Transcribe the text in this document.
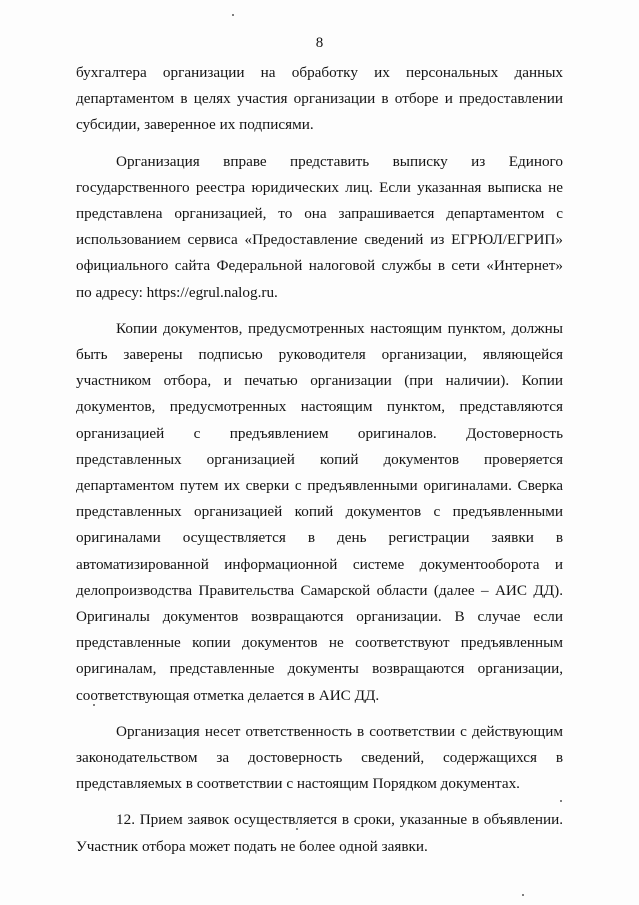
8

бухгалтера организации на обработку их персональных данных департаментом в целях участия организации в отборе и предоставлении субсидии, заверенное их подписями.

Организация вправе представить выписку из Единого государственного реестра юридических лиц. Если указанная выписка не представлена организацией, то она запрашивается департаментом с использованием сервиса «Предоставление сведений из ЕГРЮЛ/ЕГРИП» официального сайта Федеральной налоговой службы в сети «Интернет» по адресу: https://egrul.nalog.ru.

Копии документов, предусмотренных настоящим пунктом, должны быть заверены подписью руководителя организации, являющейся участником отбора, и печатью организации (при наличии). Копии документов, предусмотренных настоящим пунктом, представляются организацией с предъявлением оригиналов. Достоверность представленных организацией копий документов проверяется департаментом путем их сверки с предъявленными оригиналами. Сверка представленных организацией копий документов с предъявленными оригиналами осуществляется в день регистрации заявки в автоматизированной информационной системе документооборота и делопроизводства Правительства Самарской области (далее – АИС ДД). Оригиналы документов возвращаются организации. В случае если представленные копии документов не соответствуют предъявленным оригиналам, представленные документы возвращаются организации, соответствующая отметка делается в АИС ДД.

Организация несет ответственность в соответствии с действующим законодательством за достоверность сведений, содержащихся в представляемых в соответствии с настоящим Порядком документах.

12. Прием заявок осуществляется в сроки, указанные в объявлении. Участник отбора может подать не более одной заявки.
